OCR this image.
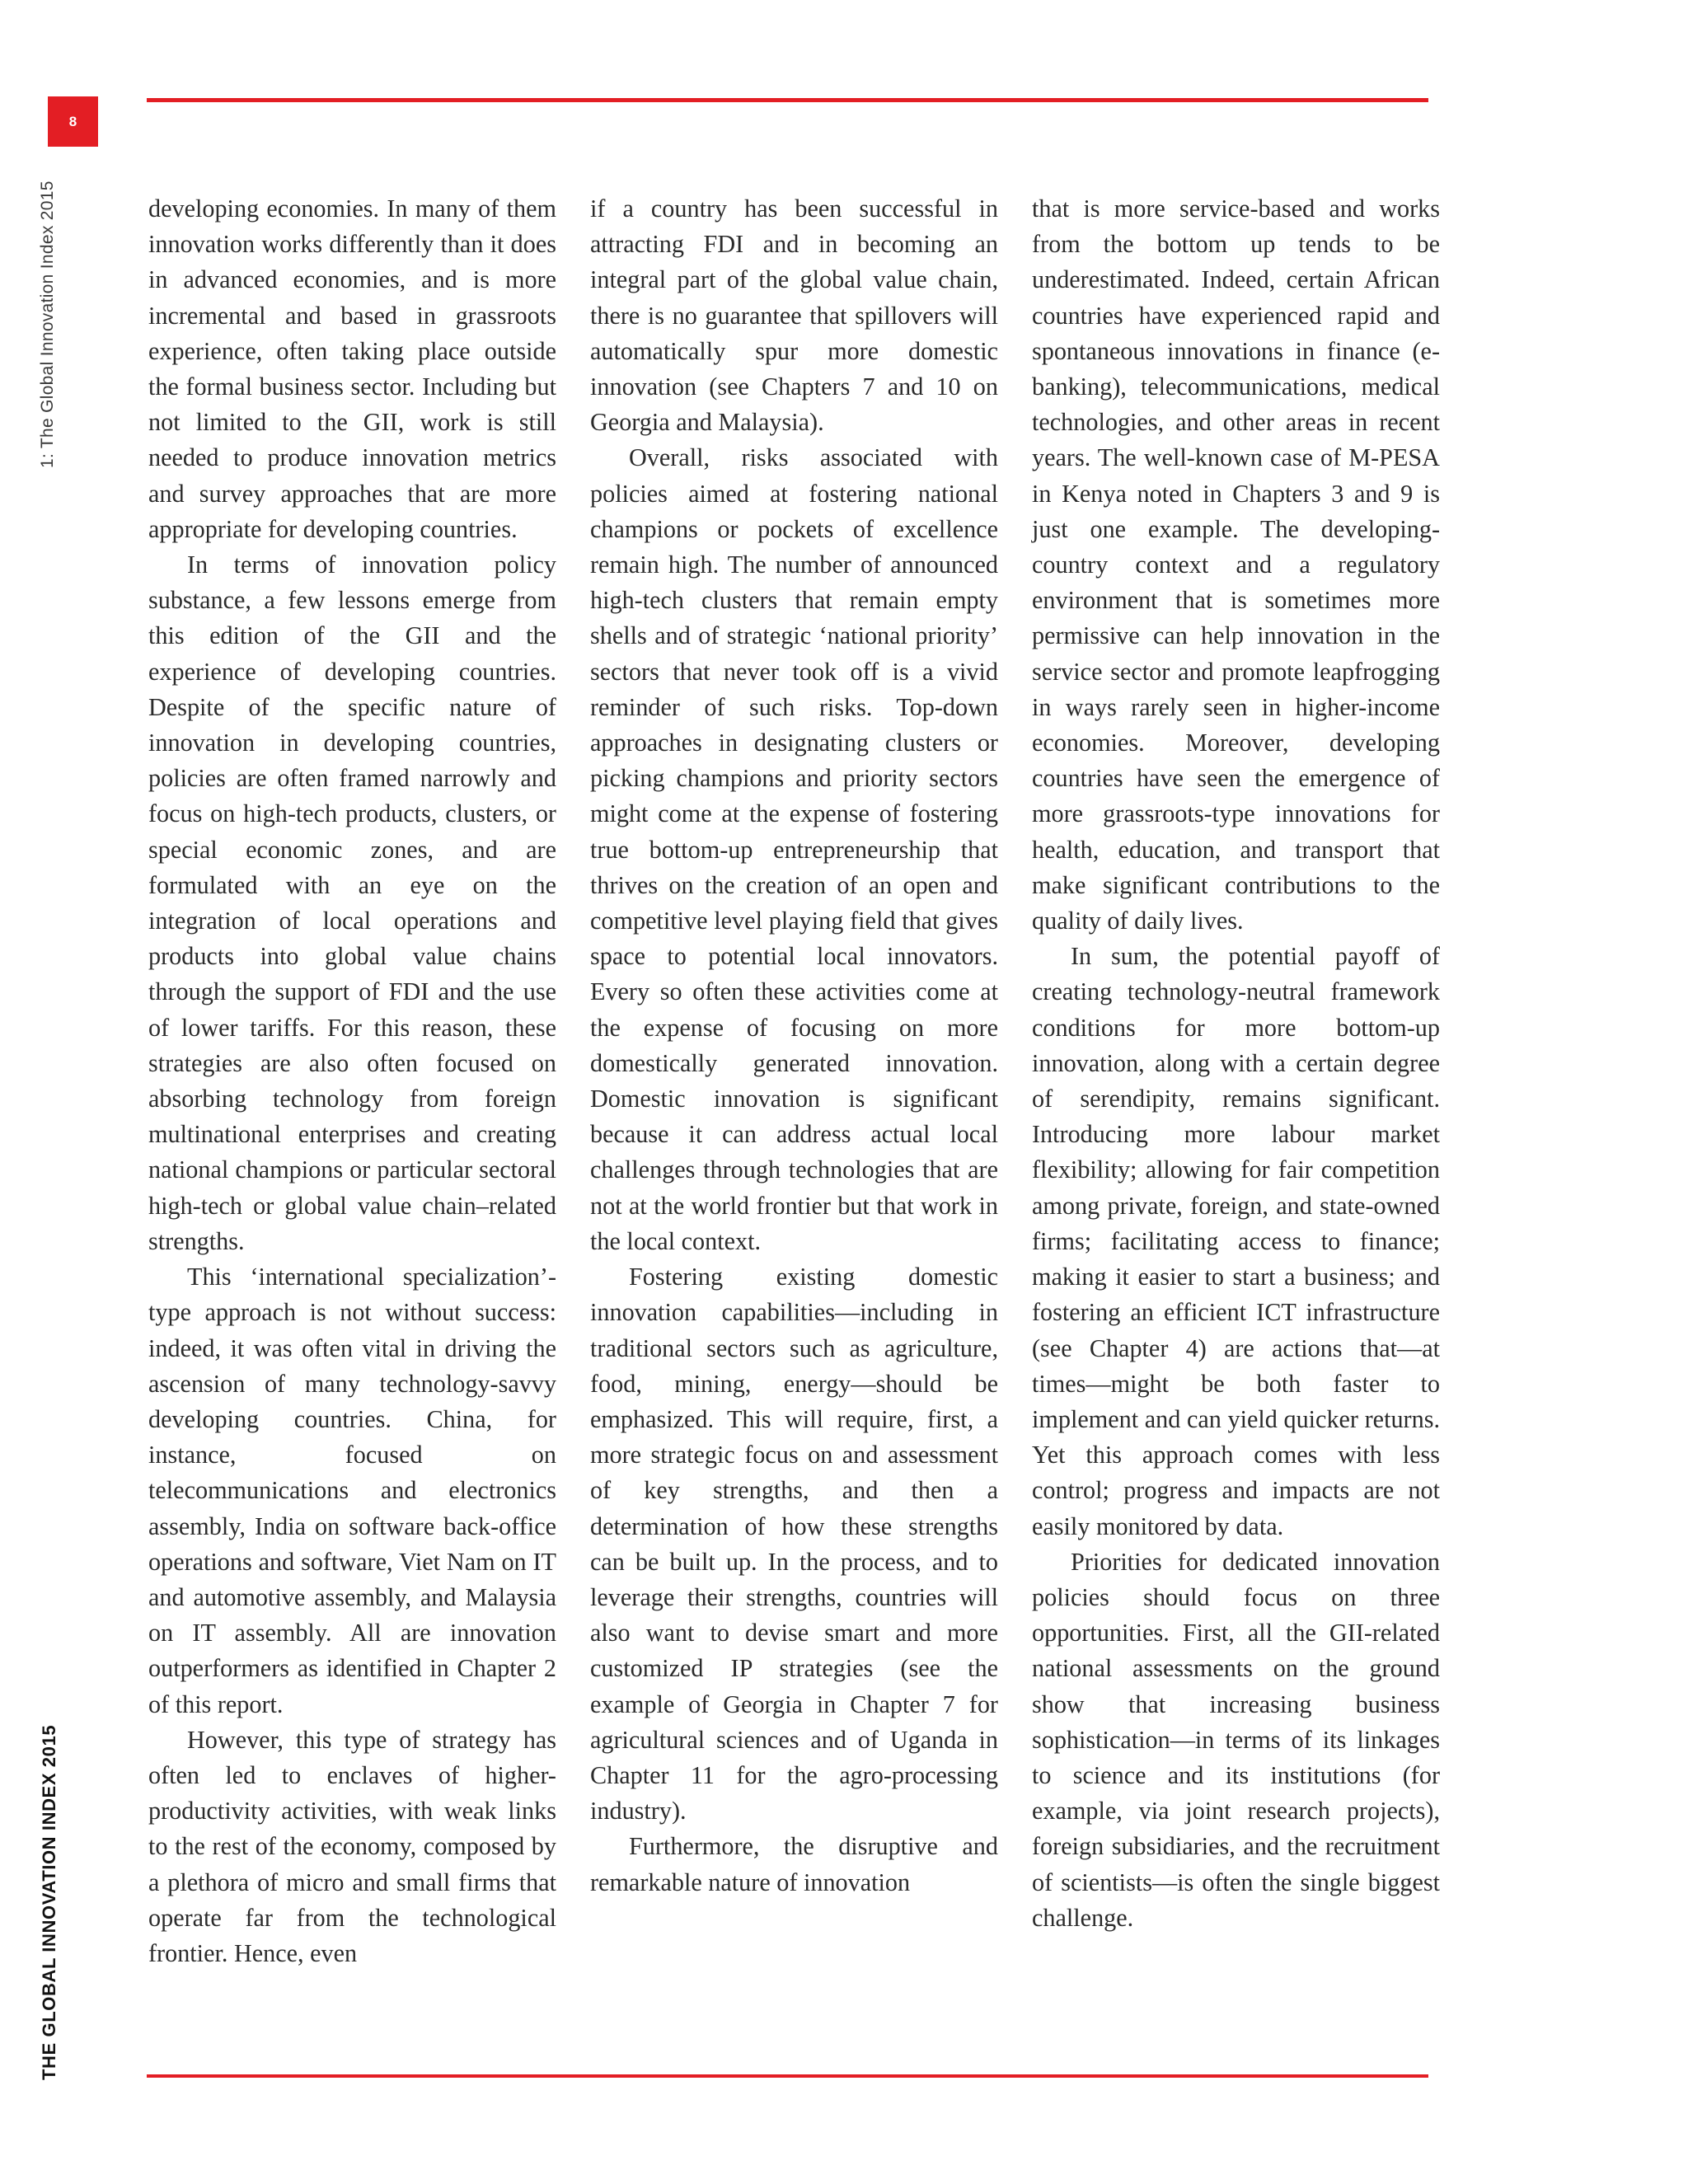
8
1: The Global Innovation Index 2015
THE GLOBAL INNOVATION INDEX 2015

developing economies. In many of them innovation works differently than it does in advanced economies, and is more incremental and based in grassroots experience, often taking place outside the formal business sector. Including but not limited to the GII, work is still needed to produce innovation metrics and survey approaches that are more appropriate for developing countries.

In terms of innovation policy substance, a few lessons emerge from this edition of the GII and the experience of developing countries. Despite of the specific nature of innovation in developing countries, policies are often framed narrowly and focus on high-tech products, clusters, or special economic zones, and are formulated with an eye on the integration of local operations and products into global value chains through the support of FDI and the use of lower tariffs. For this reason, these strategies are also often focused on absorbing technology from foreign multinational enterprises and creating national champions or particular sectoral high-tech or global value chain–related strengths.

This ‘international specialization’-type approach is not without success: indeed, it was often vital in driving the ascension of many technology-savvy developing countries. China, for instance, focused on telecommunications and electronics assembly, India on software back-office operations and software, Viet Nam on IT and automotive assembly, and Malaysia on IT assembly. All are innovation outperformers as identified in Chapter 2 of this report.

However, this type of strategy has often led to enclaves of higher-productivity activities, with weak links to the rest of the economy, composed by a plethora of micro and small firms that operate far from the technological frontier. Hence, even

if a country has been successful in attracting FDI and in becoming an integral part of the global value chain, there is no guarantee that spillovers will automatically spur more domestic innovation (see Chapters 7 and 10 on Georgia and Malaysia).

Overall, risks associated with policies aimed at fostering national champions or pockets of excellence remain high. The number of announced high-tech clusters that remain empty shells and of strategic ‘national priority’ sectors that never took off is a vivid reminder of such risks. Top-down approaches in designating clusters or picking champions and priority sectors might come at the expense of fostering true bottom-up entrepreneurship that thrives on the creation of an open and competitive level playing field that gives space to potential local innovators. Every so often these activities come at the expense of focusing on more domestically generated innovation. Domestic innovation is significant because it can address actual local challenges through technologies that are not at the world frontier but that work in the local context.

Fostering existing domestic innovation capabilities—including in traditional sectors such as agriculture, food, mining, energy—should be emphasized. This will require, first, a more strategic focus on and assessment of key strengths, and then a determination of how these strengths can be built up. In the process, and to leverage their strengths, countries will also want to devise smart and more customized IP strategies (see the example of Georgia in Chapter 7 for agricultural sciences and of Uganda in Chapter 11 for the agro-processing industry).

Furthermore, the disruptive and remarkable nature of innovation

that is more service-based and works from the bottom up tends to be underestimated. Indeed, certain African countries have experienced rapid and spontaneous innovations in finance (e-banking), telecommunications, medical technologies, and other areas in recent years. The well-known case of M-PESA in Kenya noted in Chapters 3 and 9 is just one example. The developing-country context and a regulatory environment that is sometimes more permissive can help innovation in the service sector and promote leapfrogging in ways rarely seen in higher-income economies. Moreover, developing countries have seen the emergence of more grassroots-type innovations for health, education, and transport that make significant contributions to the quality of daily lives.

In sum, the potential payoff of creating technology-neutral framework conditions for more bottom-up innovation, along with a certain degree of serendipity, remains significant. Introducing more labour market flexibility; allowing for fair competition among private, foreign, and state-owned firms; facilitating access to finance; making it easier to start a business; and fostering an efficient ICT infrastructure (see Chapter 4) are actions that—at times—might be both faster to implement and can yield quicker returns. Yet this approach comes with less control; progress and impacts are not easily monitored by data.

Priorities for dedicated innovation policies should focus on three opportunities. First, all the GII-related national assessments on the ground show that increasing business sophistication—in terms of its linkages to science and its institutions (for example, via joint research projects), foreign subsidiaries, and the recruitment of scientists—is often the single biggest challenge.
